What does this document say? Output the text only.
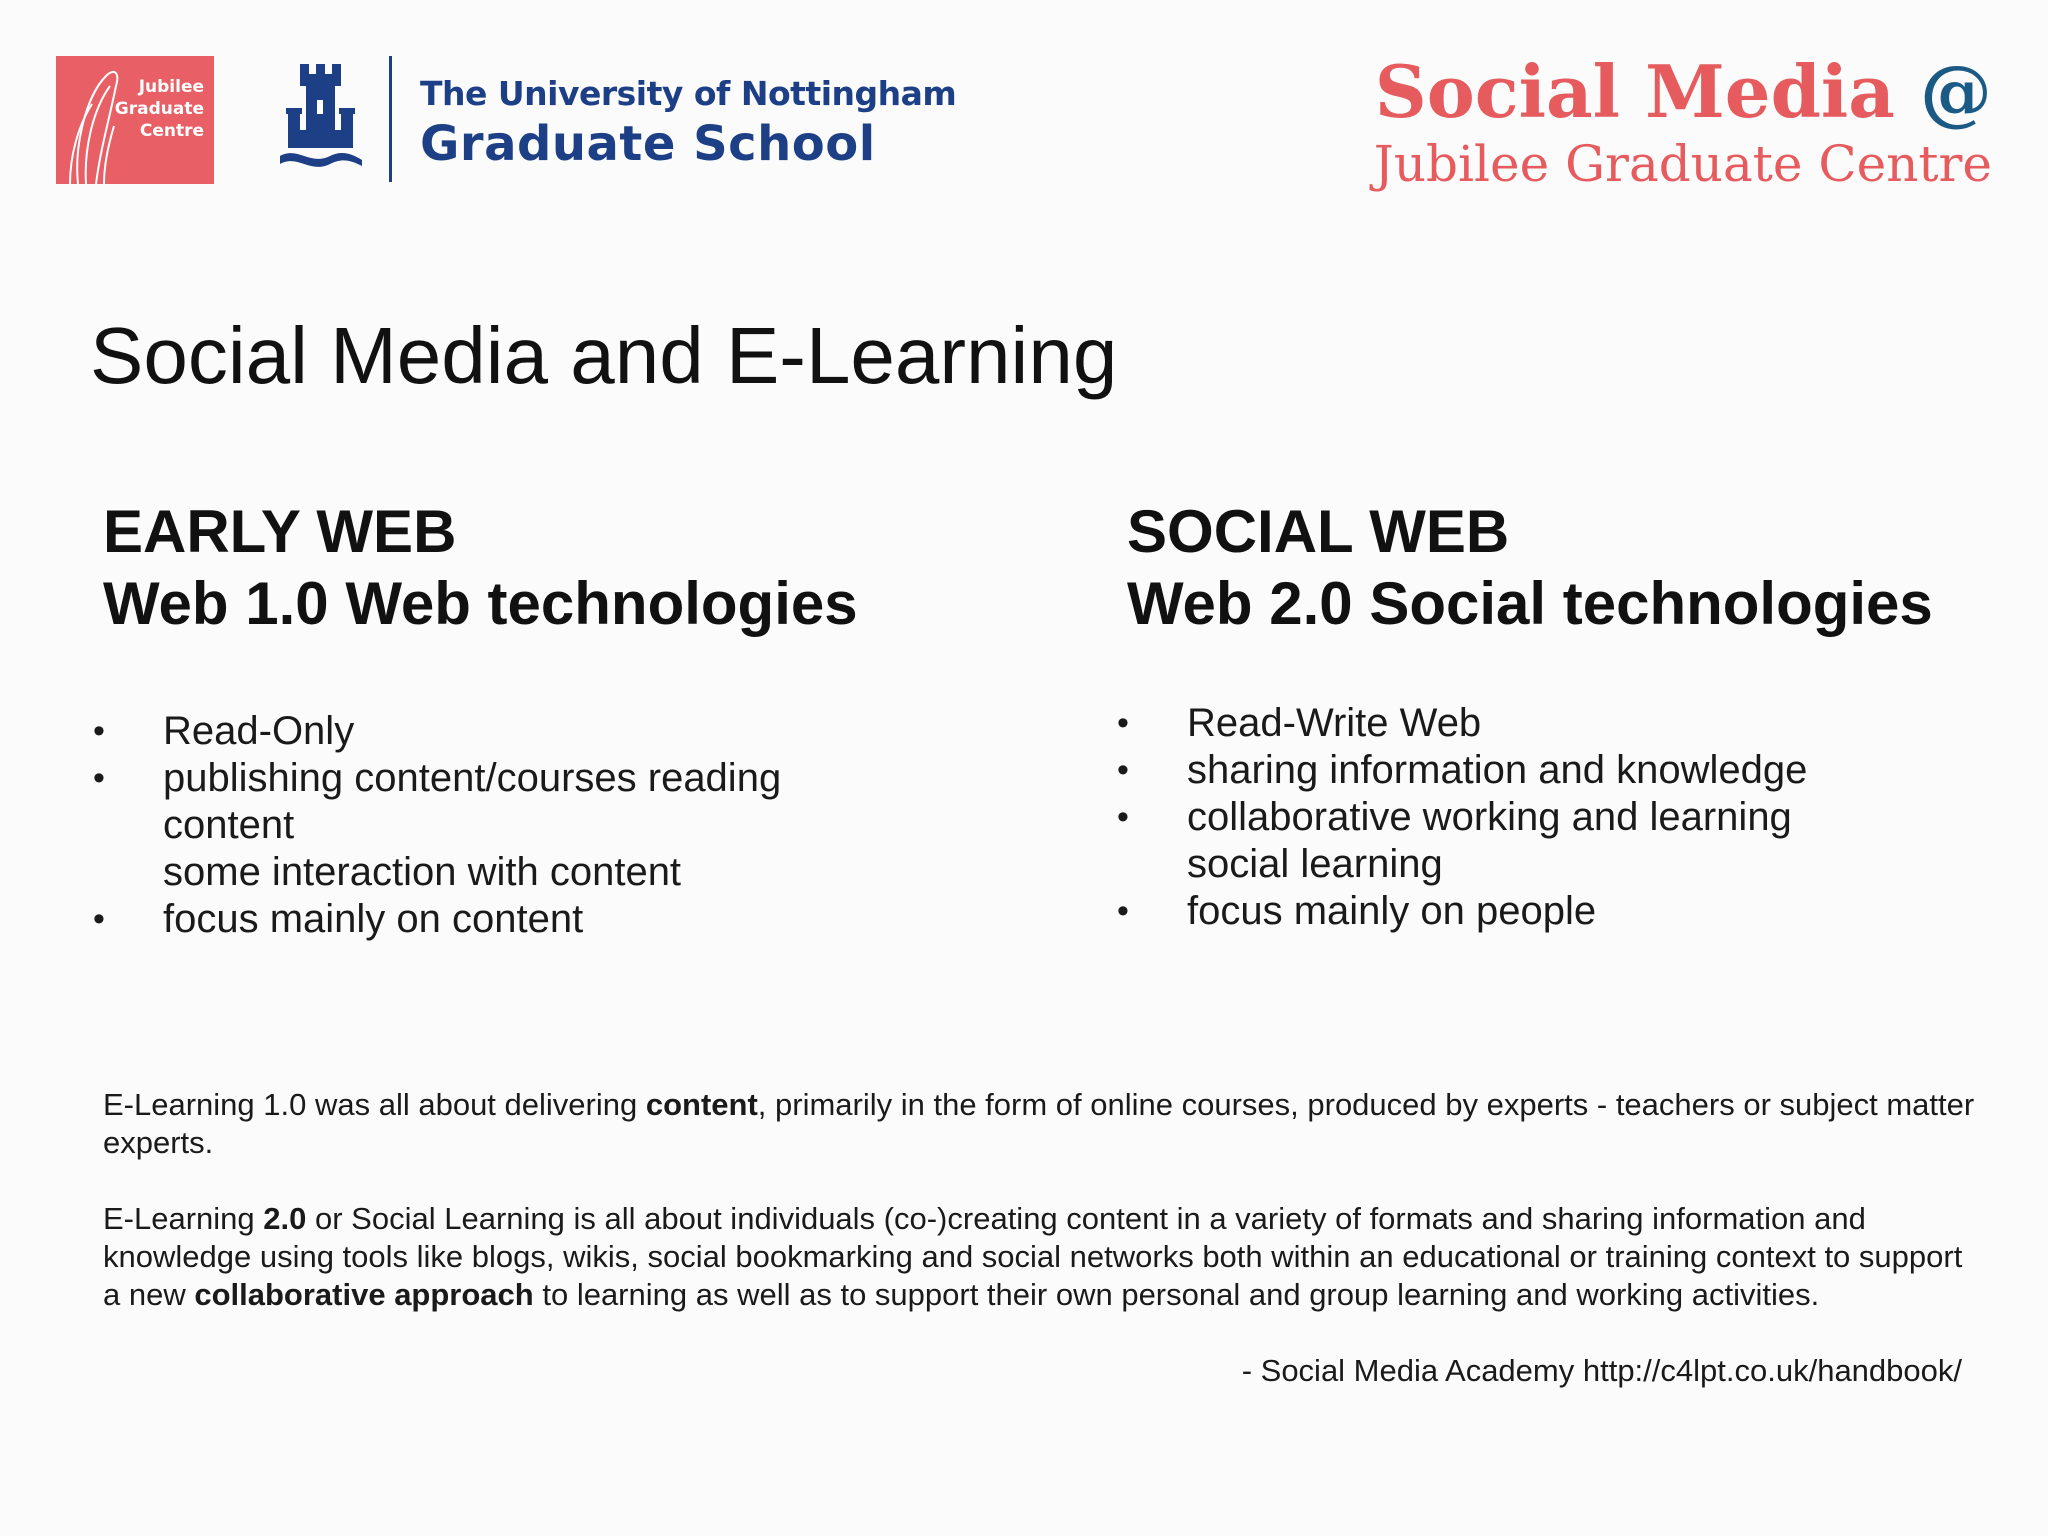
Jubilee
Graduate
Centre
The University of Nottingham
Graduate School
Social Media @
Jubilee Graduate Centre
Social Media and E-Learning
EARLY WEB
Web 1.0 Web technologies
• Read-Only
• publishing content/courses reading
content
some interaction with content
• focus mainly on content
SOCIAL WEB
Web 2.0 Social technologies
• Read-Write Web
• sharing information and knowledge
• collaborative working and learning
social learning
• focus mainly on people
E-Learning 1.0 was all about delivering content, primarily in the form of online courses, produced by experts - teachers or subject matter experts.
E-Learning 2.0 or Social Learning is all about individuals (co-)creating content in a variety of formats and sharing information and knowledge using tools like blogs, wikis, social bookmarking and social networks both within an educational or training context to support a new collaborative approach to learning as well as to support their own personal and group learning and working activities.
- Social Media Academy http://c4lpt.co.uk/handbook/
